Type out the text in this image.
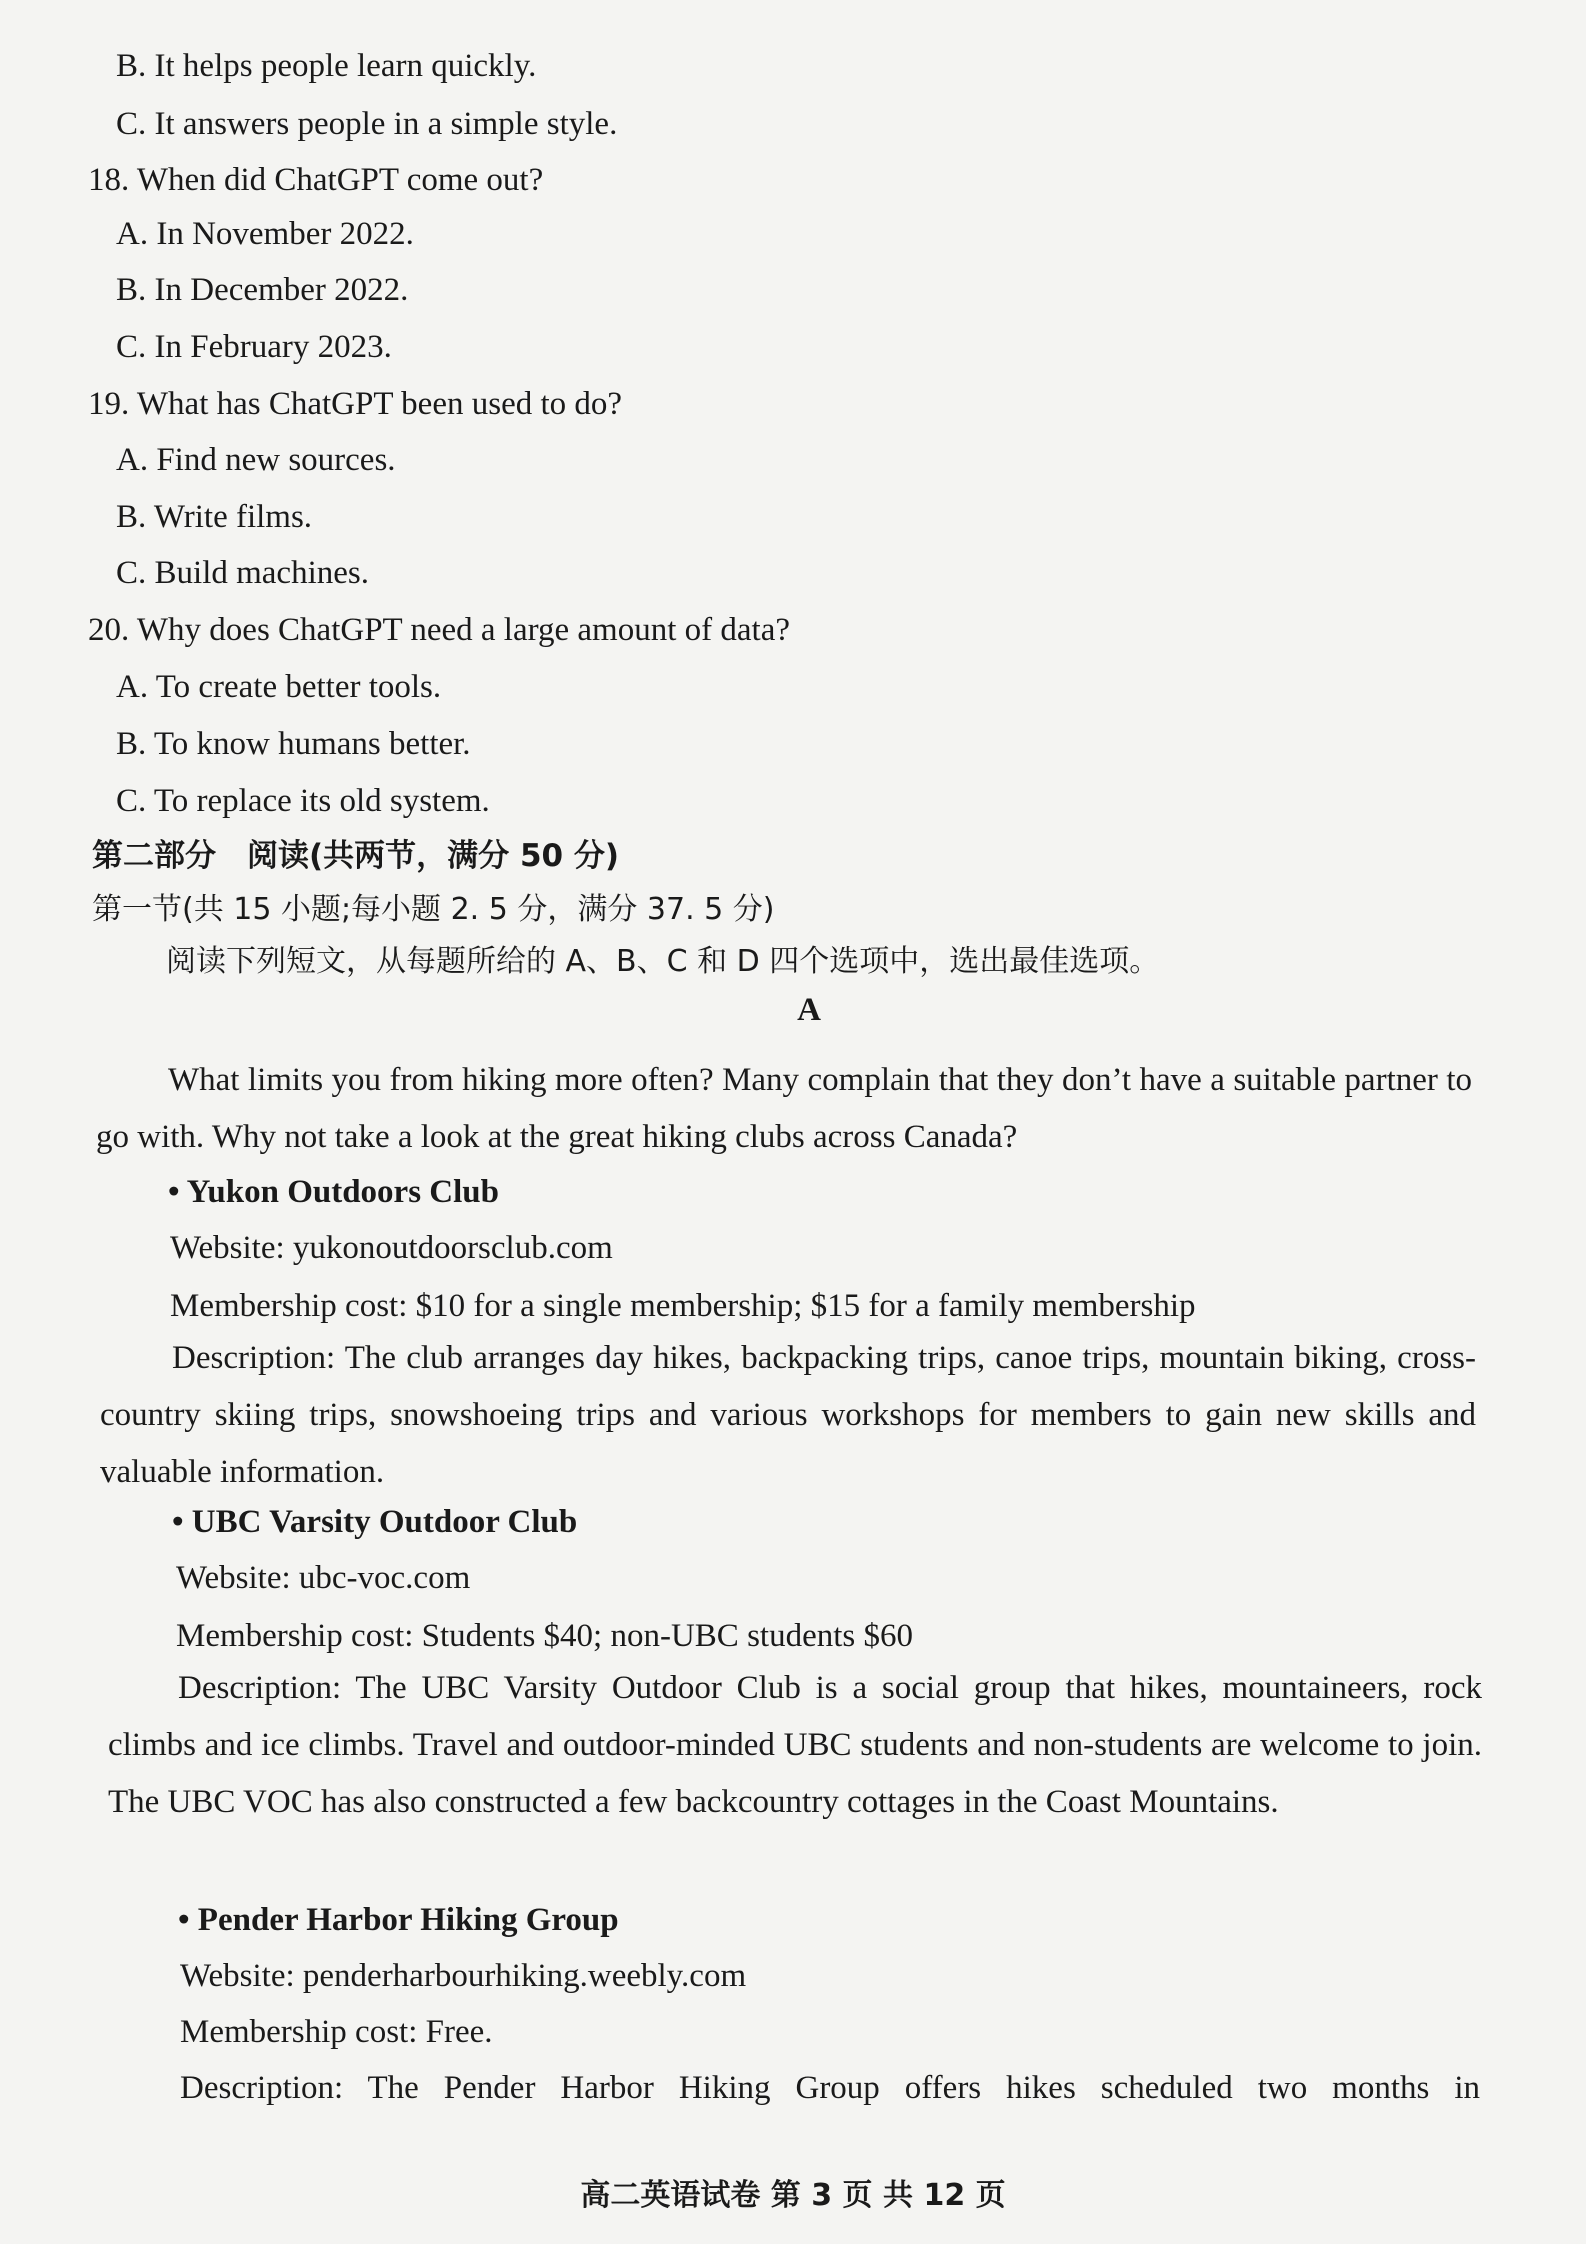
B. It helps people learn quickly.
C. It answers people in a simple style.
18. When did ChatGPT come out?
A. In November 2022.
B. In December 2022.
C. In February 2023.
19. What has ChatGPT been used to do?
A. Find new sources.
B. Write films.
C. Build machines.
20. Why does ChatGPT need a large amount of data?
A. To create better tools.
B. To know humans better.
C. To replace its old system.
第二部分　阅读(共两节，满分 50 分)
第一节(共 15 小题;每小题 2. 5 分，满分 37. 5 分)
阅读下列短文，从每题所给的 A、B、C 和 D 四个选项中，选出最佳选项。
A
What limits you from hiking more often? Many complain that they don’t have a suitable partner to go with. Why not take a look at the great hiking clubs across Canada?
• Yukon Outdoors Club
Website: yukonoutdoorsclub.com
Membership cost: $10 for a single membership; $15 for a family membership
Description: The club arranges day hikes, backpacking trips, canoe trips, mountain biking, cross-country skiing trips, snowshoeing trips and various workshops for members to gain new skills and valuable information.
• UBC Varsity Outdoor Club
Website: ubc-voc.com
Membership cost: Students $40; non-UBC students $60
Description: The UBC Varsity Outdoor Club is a social group that hikes, mountaineers, rock climbs and ice climbs. Travel and outdoor-minded UBC students and non-students are welcome to join. The UBC VOC has also constructed a few backcountry cottages in the Coast Mountains.
• Pender Harbor Hiking Group
Website: penderharbourhiking.weebly.com
Membership cost: Free.
Description: The Pender Harbor Hiking Group offers hikes scheduled two months in
高二英语试卷 第 3 页 共 12 页
